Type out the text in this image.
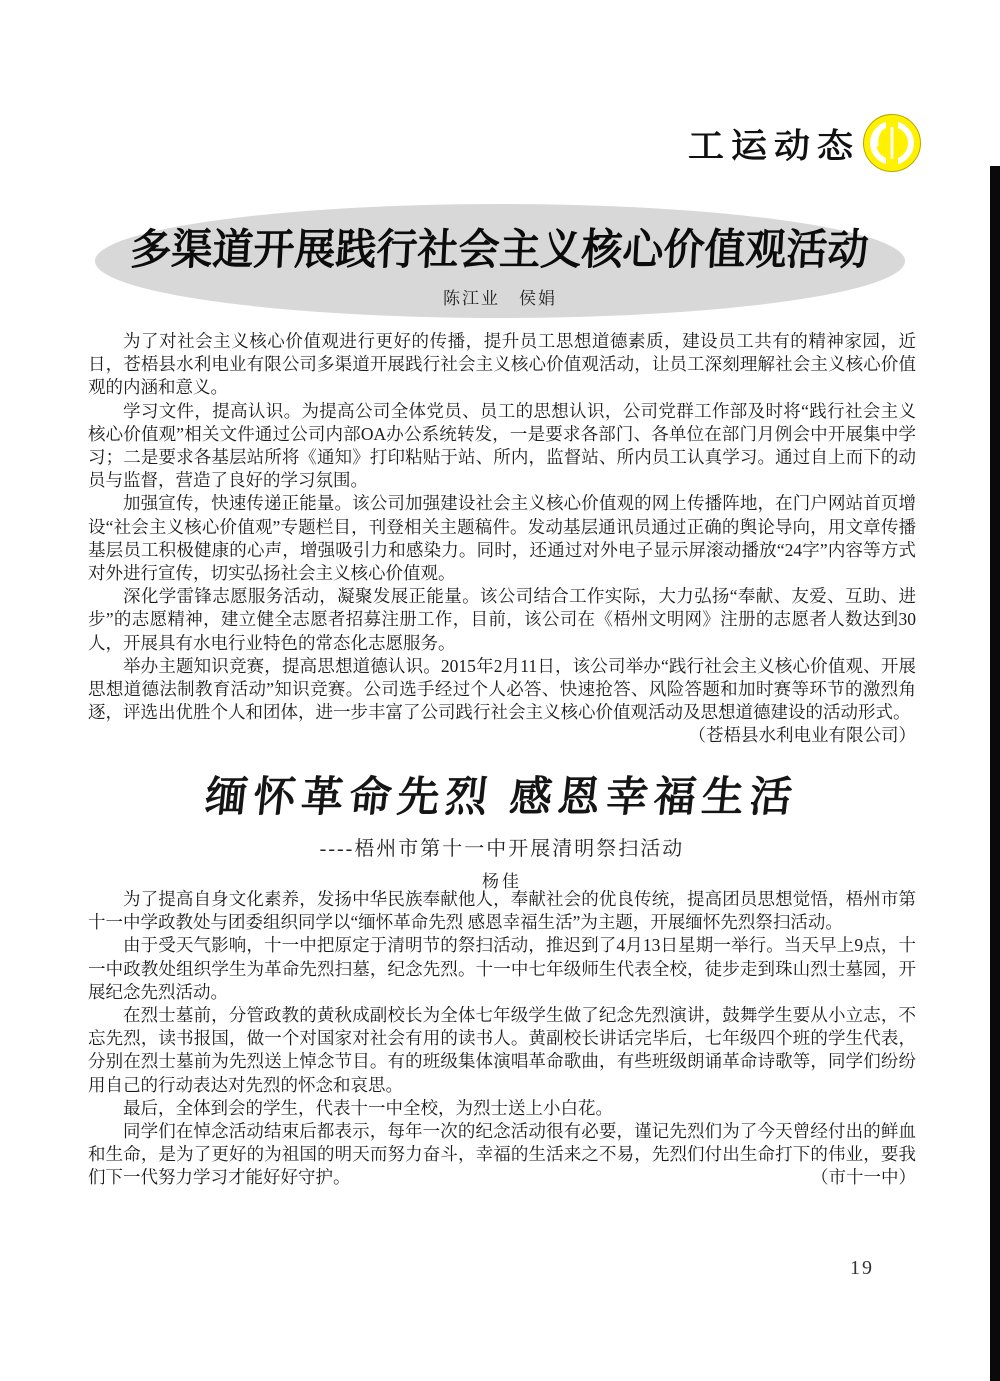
工运动态
多渠道开展践行社会主义核心价值观活动
陈江业　侯娟

为了对社会主义核心价值观进行更好的传播，提升员工思想道德素质，建设员工共有的精神家园，近日，苍梧县水利电业有限公司多渠道开展践行社会主义核心价值观活动，让员工深刻理解社会主义核心价值观的内涵和意义。

学习文件，提高认识。为提高公司全体党员、员工的思想认识，公司党群工作部及时将“践行社会主义核心价值观”相关文件通过公司内部OA办公系统转发，一是要求各部门、各单位在部门月例会中开展集中学习；二是要求各基层站所将《通知》打印粘贴于站、所内，监督站、所内员工认真学习。通过自上而下的动员与监督，营造了良好的学习氛围。

加强宣传，快速传递正能量。该公司加强建设社会主义核心价值观的网上传播阵地，在门户网站首页增设“社会主义核心价值观”专题栏目，刊登相关主题稿件。发动基层通讯员通过正确的舆论导向，用文章传播基层员工积极健康的心声，增强吸引力和感染力。同时，还通过对外电子显示屏滚动播放“24字”内容等方式对外进行宣传，切实弘扬社会主义核心价值观。

深化学雷锋志愿服务活动，凝聚发展正能量。该公司结合工作实际，大力弘扬“奉献、友爱、互助、进步”的志愿精神，建立健全志愿者招募注册工作，目前，该公司在《梧州文明网》注册的志愿者人数达到30人，开展具有水电行业特色的常态化志愿服务。

举办主题知识竞赛，提高思想道德认识。2015年2月11日，该公司举办“践行社会主义核心价值观、开展思想道德法制教育活动”知识竞赛。公司选手经过个人必答、快速抢答、风险答题和加时赛等环节的激烈角逐，评选出优胜个人和团体，进一步丰富了公司践行社会主义核心价值观活动及思想道德建设的活动形式。
（苍梧县水利电业有限公司）

缅怀革命先烈 感恩幸福生活
----梧州市第十一中开展清明祭扫活动
杨佳

为了提高自身文化素养，发扬中华民族奉献他人，奉献社会的优良传统，提高团员思想觉悟，梧州市第十一中学政教处与团委组织同学以“缅怀革命先烈 感恩幸福生活”为主题，开展缅怀先烈祭扫活动。

由于受天气影响，十一中把原定于清明节的祭扫活动，推迟到了4月13日星期一举行。当天早上9点，十一中政教处组织学生为革命先烈扫墓，纪念先烈。十一中七年级师生代表全校，徒步走到珠山烈士墓园，开展纪念先烈活动。

在烈士墓前，分管政教的黄秋成副校长为全体七年级学生做了纪念先烈演讲，鼓舞学生要从小立志，不忘先烈，读书报国，做一个对国家对社会有用的读书人。黄副校长讲话完毕后，七年级四个班的学生代表，分别在烈士墓前为先烈送上悼念节目。有的班级集体演唱革命歌曲，有些班级朗诵革命诗歌等，同学们纷纷用自己的行动表达对先烈的怀念和哀思。

最后，全体到会的学生，代表十一中全校，为烈士送上小白花。

同学们在悼念活动结束后都表示，每年一次的纪念活动很有必要，谨记先烈们为了今天曾经付出的鲜血和生命，是为了更好的为祖国的明天而努力奋斗，幸福的生活来之不易，先烈们付出生命打下的伟业，要我们下一代努力学习才能好好守护。	（市十一中）

19
